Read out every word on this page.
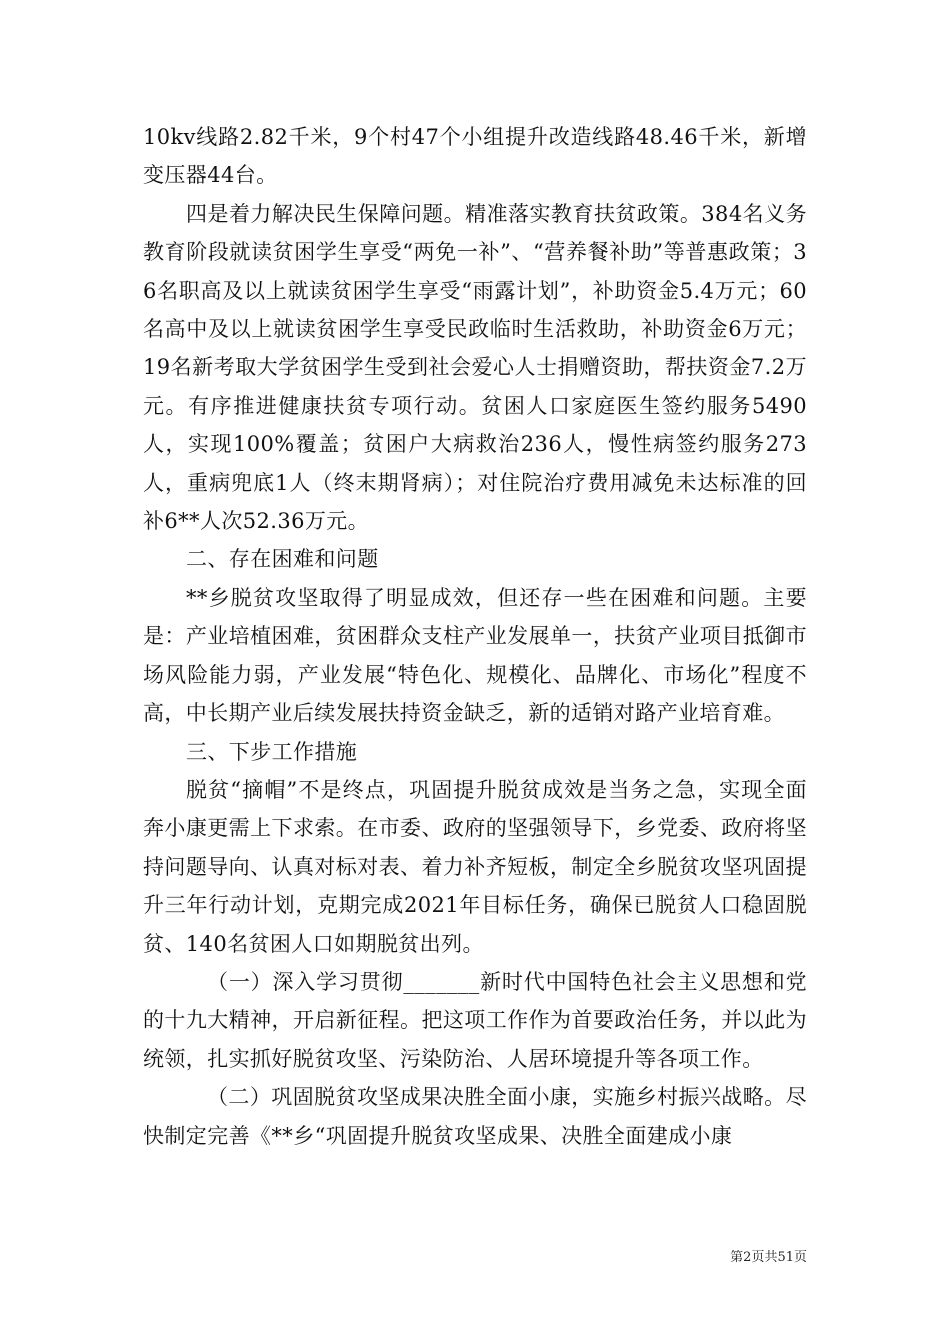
10kv线路2.82千米，9个村47个小组提升改造线路48.46千米，新增变压器44台。

四是着力解决民生保障问题。精准落实教育扶贫政策。384名义务教育阶段就读贫困学生享受“两免一补”、“营养餐补助”等普惠政策；36名职高及以上就读贫困学生享受“雨露计划”，补助资金5.4万元；60名高中及以上就读贫困学生享受民政临时生活救助，补助资金6万元；19名新考取大学贫困学生受到社会爱心人士捐赠资助，帮扶资金7.2万元。有序推进健康扶贫专项行动。贫困人口家庭医生签约服务5490人，实现100%覆盖；贫困户大病救治236人，慢性病签约服务273人，重病兜底1人（终末期肾病）；对住院治疗费用减免未达标准的回补6**人次52.36万元。

二、存在困难和问题

**乡脱贫攻坚取得了明显成效，但还存一些在困难和问题。主要是：产业培植困难，贫困群众支柱产业发展单一，扶贫产业项目抵御市场风险能力弱，产业发展“特色化、规模化、品牌化、市场化”程度不高，中长期产业后续发展扶持资金缺乏，新的适销对路产业培育难。

三、下步工作措施

脱贫“摘帽”不是终点，巩固提升脱贫成效是当务之急，实现全面奔小康更需上下求索。在市委、政府的坚强领导下，乡党委、政府将坚持问题导向、认真对标对表、着力补齐短板，制定全乡脱贫攻坚巩固提升三年行动计划，克期完成2021年目标任务，确保已脱贫人口稳固脱贫、140名贫困人口如期脱贫出列。

（一）深入学习贯彻_______新时代中国特色社会主义思想和党的十九大精神，开启新征程。把这项工作作为首要政治任务，并以此为统领，扎实抓好脱贫攻坚、污染防治、人居环境提升等各项工作。

（二）巩固脱贫攻坚成果决胜全面小康，实施乡村振兴战略。尽快制定完善《**乡“巩固提升脱贫攻坚成果、决胜全面建成小康

第2页共51页
